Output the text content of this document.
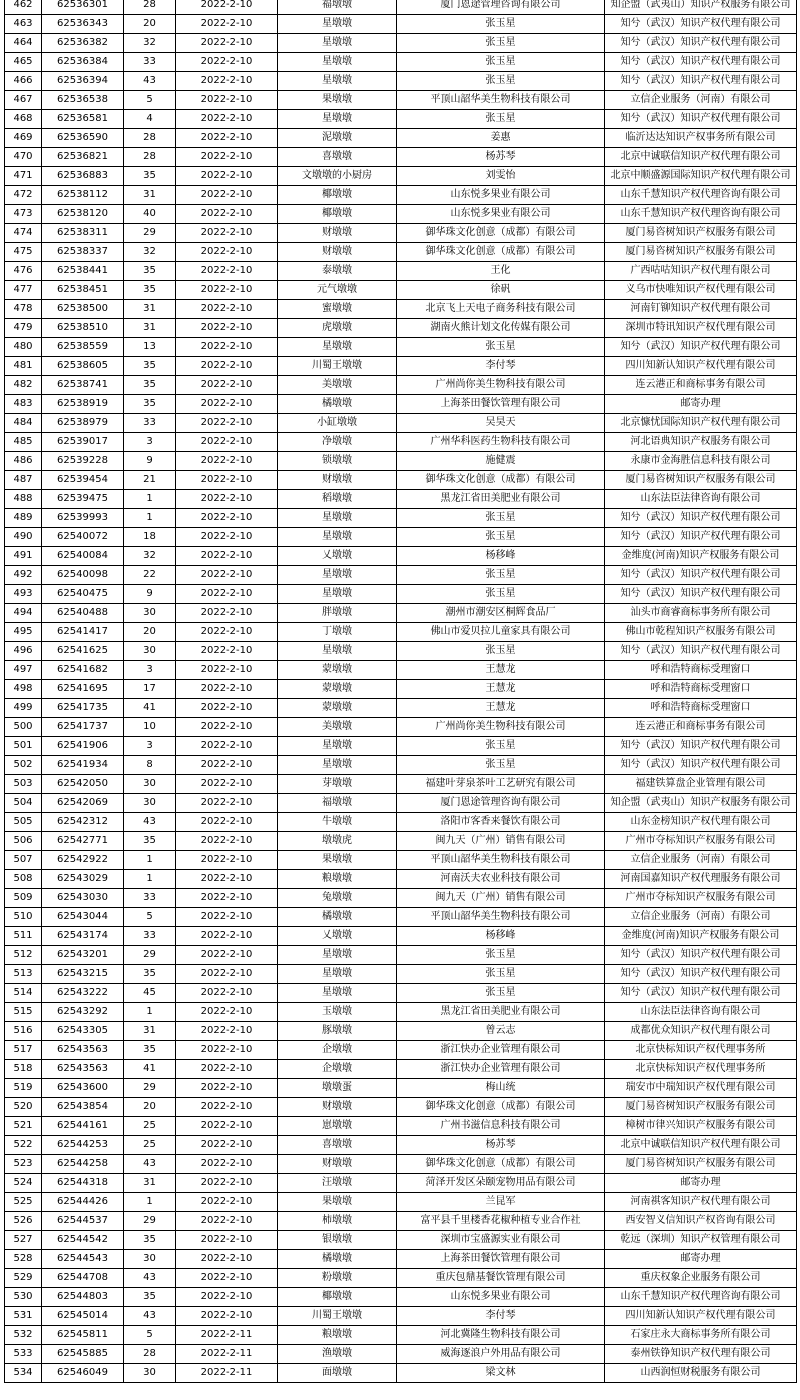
462	62536301	28	2022-2-10	福墩墩	厦门恩途管理咨询有限公司	知企盟（武夷山）知识产权服务有限公司
463	62536343	20	2022-2-10	星墩墩	张玉星	知兮（武汉）知识产权代理有限公司
464	62536382	32	2022-2-10	星墩墩	张玉星	知兮（武汉）知识产权代理有限公司
465	62536384	33	2022-2-10	星墩墩	张玉星	知兮（武汉）知识产权代理有限公司
466	62536394	43	2022-2-10	星墩墩	张玉星	知兮（武汉）知识产权代理有限公司
467	62536538	5	2022-2-10	果墩墩	平顶山韶华美生物科技有限公司	立信企业服务（河南）有限公司
468	62536581	4	2022-2-10	星墩墩	张玉星	知兮（武汉）知识产权代理有限公司
469	62536590	28	2022-2-10	泥墩墩	姜惠	临沂达达知识产权事务所有限公司
470	62536821	28	2022-2-10	喜墩墩	杨苏琴	北京中诚联信知识产权代理有限公司
471	62536883	35	2022-2-10	文墩墩的小厨房	刘雯怡	北京中顺盛源国际知识产权代理有限公司
472	62538112	31	2022-2-10	椰墩墩	山东悦多果业有限公司	山东千慧知识产权代理咨询有限公司
473	62538120	40	2022-2-10	椰墩墩	山东悦多果业有限公司	山东千慧知识产权代理咨询有限公司
474	62538311	29	2022-2-10	财墩墩	御华珠文化创意（成都）有限公司	厦门易咨树知识产权服务有限公司
475	62538337	32	2022-2-10	财墩墩	御华珠文化创意（成都）有限公司	厦门易咨树知识产权服务有限公司
476	62538441	35	2022-2-10	泰墩墩	王化	广西咕咕知识产权代理有限公司
477	62538451	35	2022-2-10	元气墩墩	徐矾	义乌市快唯知识产权代理有限公司
478	62538500	31	2022-2-10	蜜墩墩	北京飞上天电子商务科技有限公司	河南钉铆知识产权代理有限公司
479	62538510	31	2022-2-10	虎墩墩	湖南火熊计划文化传媒有限公司	深圳市特讯知识产权代理有限公司
480	62538559	13	2022-2-10	星墩墩	张玉星	知兮（武汉）知识产权代理有限公司
481	62538605	35	2022-2-10	川蜀王墩墩	李付琴	四川知新认知识产权代理有限公司
482	62538741	35	2022-2-10	美墩墩	广州尚你美生物科技有限公司	连云港正和商标事务有限公司
483	62538919	35	2022-2-10	橘墩墩	上海茶田餐饮管理有限公司	邮寄办理
484	62538979	33	2022-2-10	小缸墩墩	吴昊天	北京慷忧国际知识产权代理有限公司
485	62539017	3	2022-2-10	净墩墩	广州华科医药生物科技有限公司	河北语典知识产权服务有限公司
486	62539228	9	2022-2-10	锁墩墩	施健震	永康市金海胜信息科技有限公司
487	62539454	21	2022-2-10	财墩墩	御华珠文化创意（成都）有限公司	厦门易咨树知识产权服务有限公司
488	62539475	1	2022-2-10	稻墩墩	黑龙江省田美肥业有限公司	山东法臣法律咨询有限公司
489	62539993	1	2022-2-10	星墩墩	张玉星	知兮（武汉）知识产权代理有限公司
490	62540072	18	2022-2-10	星墩墩	张玉星	知兮（武汉）知识产权代理有限公司
491	62540084	32	2022-2-10	乂墩墩	杨移峰	金维度(河南)知识产权服务有限公司
492	62540098	22	2022-2-10	星墩墩	张玉星	知兮（武汉）知识产权代理有限公司
493	62540475	9	2022-2-10	星墩墩	张玉星	知兮（武汉）知识产权代理有限公司
494	62540488	30	2022-2-10	胖墩墩	潮州市潮安区桐辉食品厂	汕头市商睿商标事务所有限公司
495	62541417	20	2022-2-10	丁墩墩	佛山市爱贝拉儿童家具有限公司	佛山市乾程知识产权服务有限公司
496	62541625	30	2022-2-10	星墩墩	张玉星	知兮（武汉）知识产权代理有限公司
497	62541682	3	2022-2-10	蒙墩墩	王慧龙	呼和浩特商标受理窗口
498	62541695	17	2022-2-10	蒙墩墩	王慧龙	呼和浩特商标受理窗口
499	62541735	41	2022-2-10	蒙墩墩	王慧龙	呼和浩特商标受理窗口
500	62541737	10	2022-2-10	美墩墩	广州尚你美生物科技有限公司	连云港正和商标事务有限公司
501	62541906	3	2022-2-10	星墩墩	张玉星	知兮（武汉）知识产权代理有限公司
502	62541934	8	2022-2-10	星墩墩	张玉星	知兮（武汉）知识产权代理有限公司
503	62542050	30	2022-2-10	芽墩墩	福建叶芽泉茶叶工艺研究有限公司	福建铁算盘企业管理有限公司
504	62542069	30	2022-2-10	福墩墩	厦门恩途管理咨询有限公司	知企盟（武夷山）知识产权服务有限公司
505	62542312	43	2022-2-10	牛墩墩	洛阳市客香来餐饮有限公司	山东金榜知识产权代理有限公司
506	62542771	35	2022-2-10	墩墩虎	闽九天（广州）销售有限公司	广州市夺标知识产权服务有限公司
507	62542922	1	2022-2-10	果墩墩	平顶山韶华美生物科技有限公司	立信企业服务（河南）有限公司
508	62543029	1	2022-2-10	粮墩墩	河南沃夫农业科技有限公司	河南国嘉知识产权代理服务有限公司
509	62543030	33	2022-2-10	兔墩墩	闽九天（广州）销售有限公司	广州市夺标知识产权服务有限公司
510	62543044	5	2022-2-10	橘墩墩	平顶山韶华美生物科技有限公司	立信企业服务（河南）有限公司
511	62543174	33	2022-2-10	乂墩墩	杨移峰	金维度(河南)知识产权服务有限公司
512	62543201	29	2022-2-10	星墩墩	张玉星	知兮（武汉）知识产权代理有限公司
513	62543215	35	2022-2-10	星墩墩	张玉星	知兮（武汉）知识产权代理有限公司
514	62543222	45	2022-2-10	星墩墩	张玉星	知兮（武汉）知识产权代理有限公司
515	62543292	1	2022-2-10	玉墩墩	黑龙江省田美肥业有限公司	山东法臣法律咨询有限公司
516	62543305	31	2022-2-10	豚墩墩	曾云志	成都优众知识产权代理有限公司
517	62543563	35	2022-2-10	企墩墩	浙江快办企业管理有限公司	北京快标知识产权代理事务所
518	62543563	41	2022-2-10	企墩墩	浙江快办企业管理有限公司	北京快标知识产权代理事务所
519	62543600	29	2022-2-10	墩墩蛋	梅山统	瑞安市中瑞知识产权代理有限公司
520	62543854	20	2022-2-10	财墩墩	御华珠文化创意（成都）有限公司	厦门易咨树知识产权服务有限公司
521	62544161	25	2022-2-10	崽墩墩	广州书滋信息科技有限公司	樟树市律兴知识产权服务有限公司
522	62544253	25	2022-2-10	喜墩墩	杨苏琴	北京中诚联信知识产权代理有限公司
523	62544258	43	2022-2-10	财墩墩	御华珠文化创意（成都）有限公司	厦门易咨树知识产权服务有限公司
524	62544318	31	2022-2-10	汪墩墩	菏泽开发区朵颐宠物用品有限公司	邮寄办理
525	62544426	1	2022-2-10	果墩墩	兰昆军	河南祺客知识产权代理有限公司
526	62544537	29	2022-2-10	柿墩墩	富平县千里楼香花椒种植专业合作社	西安智义信知识产权咨询有限公司
527	62544542	35	2022-2-10	银墩墩	深圳市宝盛源实业有限公司	乾远（深圳）知识产权管理有限公司
528	62544543	30	2022-2-10	橘墩墩	上海茶田餐饮管理有限公司	邮寄办理
529	62544708	43	2022-2-10	粉墩墩	重庆包鼎基餐饮管理有限公司	重庆权象企业服务有限公司
530	62544803	35	2022-2-10	椰墩墩	山东悦多果业有限公司	山东千慧知识产权代理咨询有限公司
531	62545014	43	2022-2-10	川蜀王墩墩	李付琴	四川知新认知识产权代理有限公司
532	62545811	5	2022-2-11	粮墩墩	河北冀隆生物科技有限公司	石家庄永大商标事务所有限公司
533	62545885	28	2022-2-11	渔墩墩	威海逐浪户外用品有限公司	泰州铁铮知识产权代理有限公司
534	62546049	30	2022-2-11	面墩墩	梁文林	山西润恒财税服务有限公司
